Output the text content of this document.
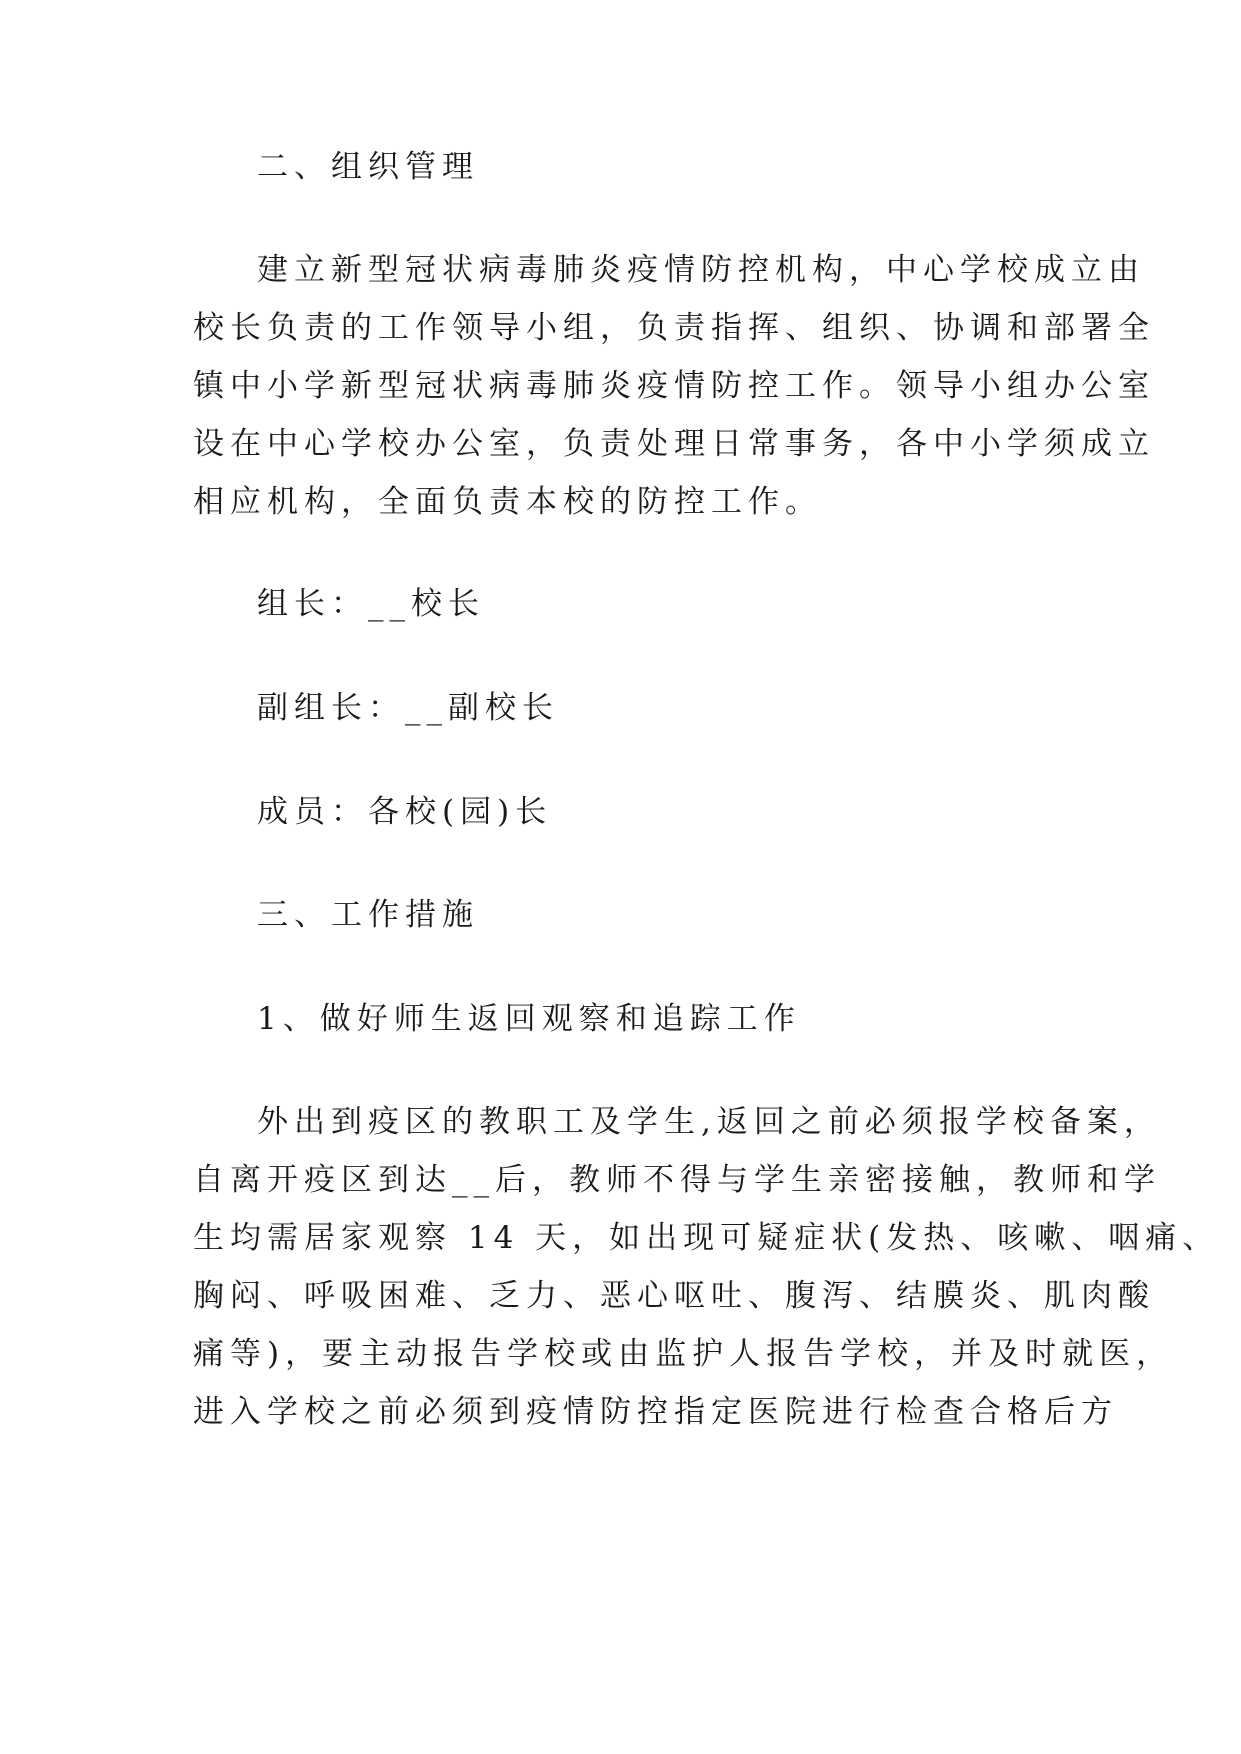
二、组织管理
建立新型冠状病毒肺炎疫情防控机构，中心学校成立由
校长负责的工作领导小组，负责指挥、组织、协调和部署全
镇中小学新型冠状病毒肺炎疫情防控工作。领导小组办公室
设在中心学校办公室，负责处理日常事务，各中小学须成立
相应机构，全面负责本校的防控工作。
组长：__校长
副组长：__副校长
成员：各校(园)长
三、工作措施
1、做好师生返回观察和追踪工作
外出到疫区的教职工及学生,返回之前必须报学校备案，
自离开疫区到达__后，教师不得与学生亲密接触，教师和学
生均需居家观察 14 天，如出现可疑症状(发热、咳嗽、咽痛、
胸闷、呼吸困难、乏力、恶心呕吐、腹泻、结膜炎、肌肉酸
痛等)，要主动报告学校或由监护人报告学校，并及时就医，
进入学校之前必须到疫情防控指定医院进行检查合格后方
